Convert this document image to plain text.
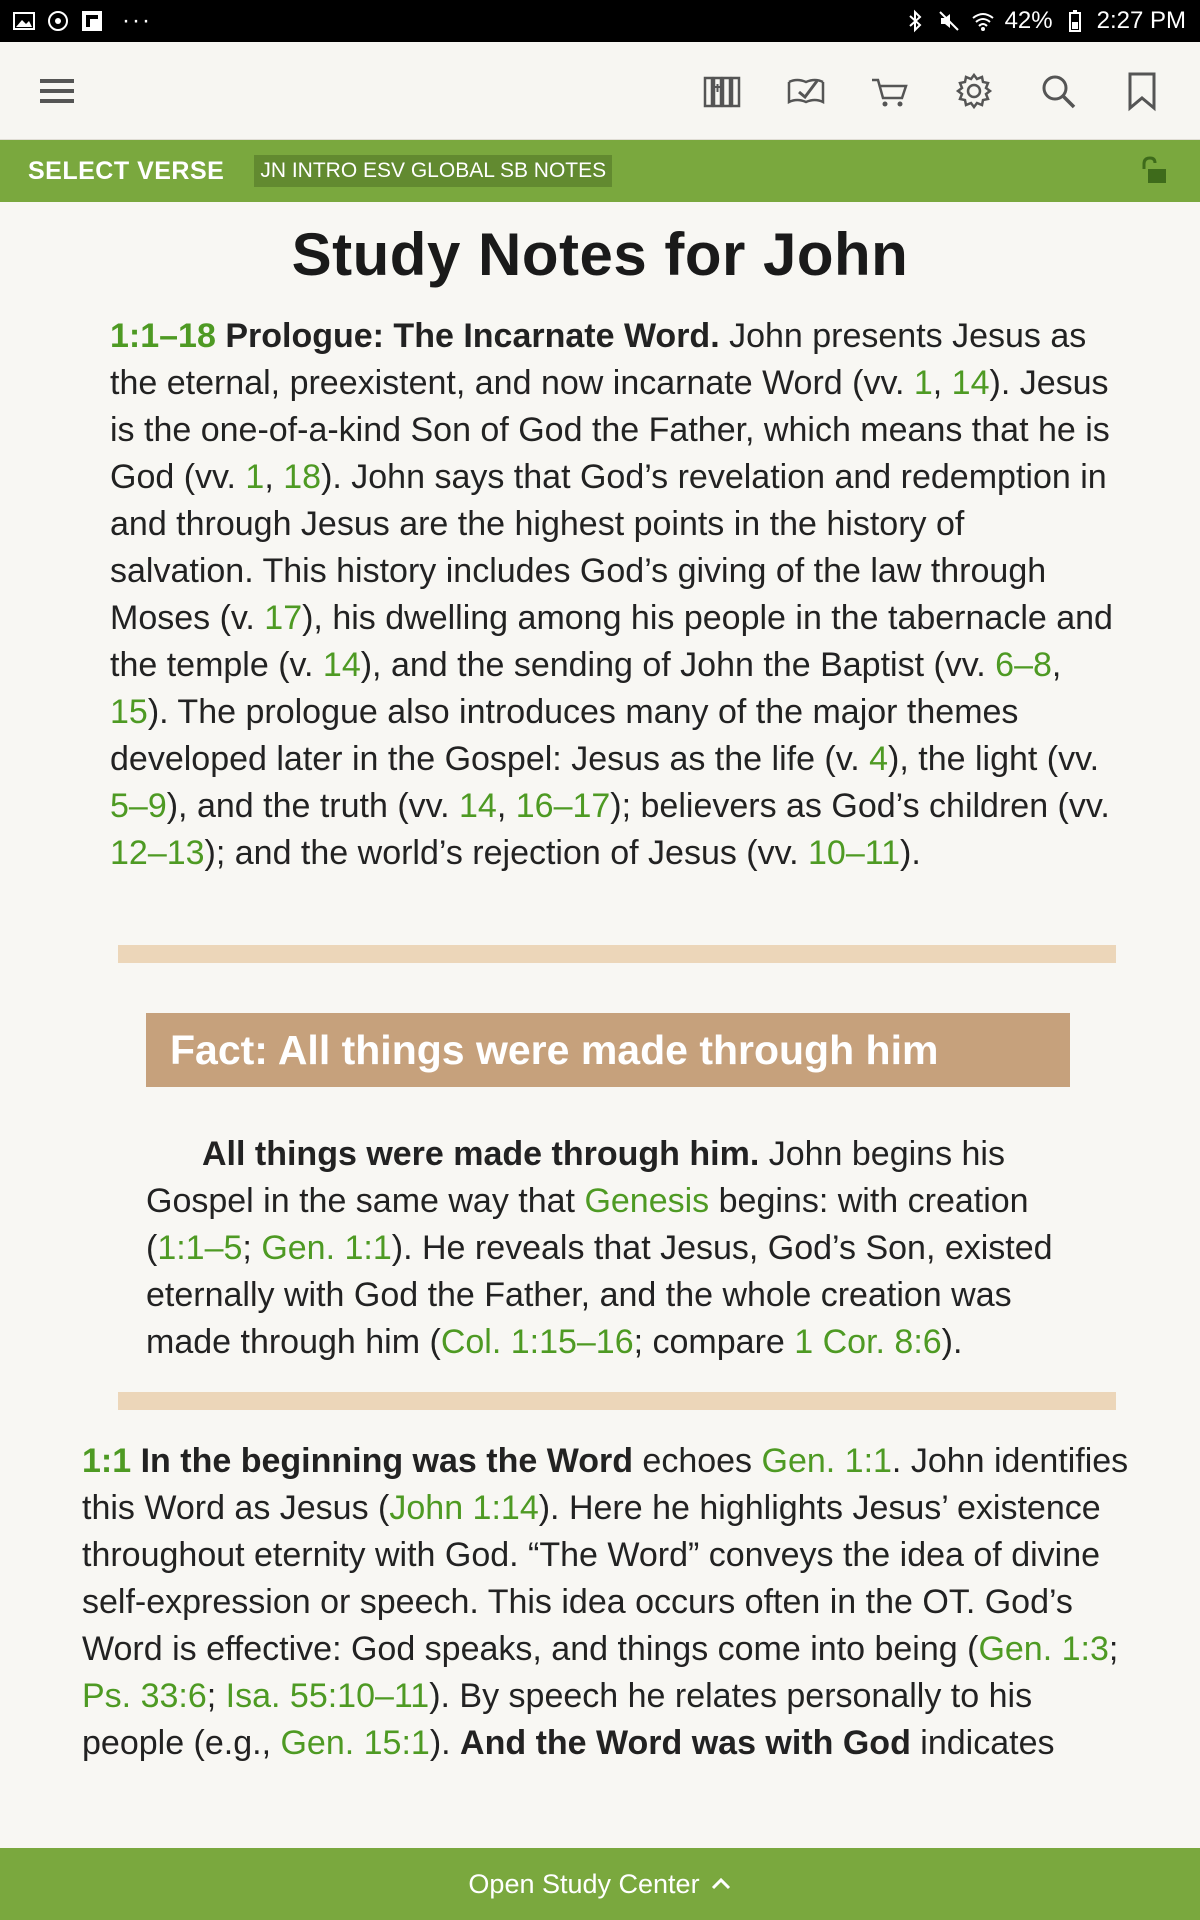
···	42% 2:27 PM
SELECT VERSE JN INTRO ESV GLOBAL SB NOTES
Study Notes for John
1:1–18 Prologue: The Incarnate Word. John presents Jesus as the eternal, preexistent, and now incarnate Word (vv. 1, 14). Jesus is the one-of-a-kind Son of God the Father, which means that he is God (vv. 1, 18). John says that God’s revelation and redemption in and through Jesus are the highest points in the history of salvation. This history includes God’s giving of the law through Moses (v. 17), his dwelling among his people in the tabernacle and the temple (v. 14), and the sending of John the Baptist (vv. 6–8, 15). The prologue also introduces many of the major themes developed later in the Gospel: Jesus as the life (v. 4), the light (vv. 5–9), and the truth (vv. 14, 16–17); believers as God’s children (vv. 12–13); and the world’s rejection of Jesus (vv. 10–11).
Fact: All things were made through him
All things were made through him. John begins his Gospel in the same way that Genesis begins: with creation (1:1–5; Gen. 1:1). He reveals that Jesus, God’s Son, existed eternally with God the Father, and the whole creation was made through him (Col. 1:15–16; compare 1 Cor. 8:6).
1:1 In the beginning was the Word echoes Gen. 1:1. John identifies this Word as Jesus (John 1:14). Here he highlights Jesus’ existence throughout eternity with God. “The Word” conveys the idea of divine self-expression or speech. This idea occurs often in the OT. God’s Word is effective: God speaks, and things come into being (Gen. 1:3; Ps. 33:6; Isa. 55:10–11). By speech he relates personally to his people (e.g., Gen. 15:1). And the Word was with God indicates
Open Study Center
